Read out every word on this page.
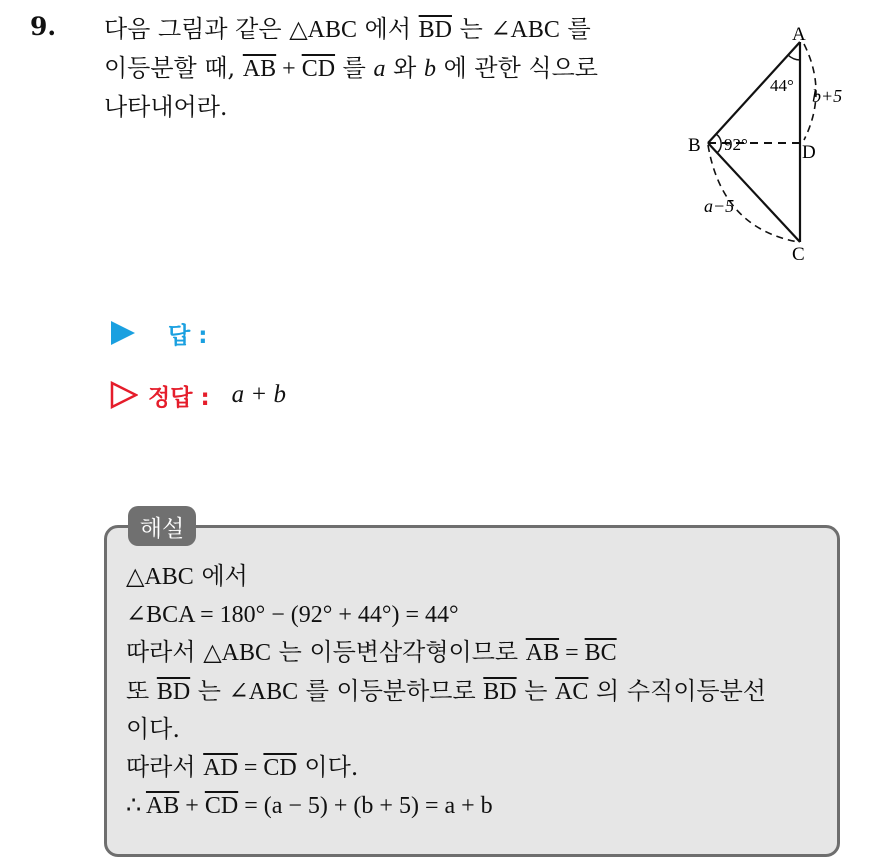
9. 다음 그림과 같은 △ABC 에서 $\overline{BD}$ 는 ∠ABC 를
이등분할 때, $\overline{AB} + \overline{CD}$ 를 a 와 b 에 관한 식으로
나타내어라.
A
B
C
D
44°
92°
b+5
a−5
답 :
정답 : a + b
해설
△ABC 에서
∠BCA = 180° − (92° + 44°) = 44°
따라서 △ABC 는 이등변삼각형이므로 $\overline{AB} = \overline{BC}$
또 $\overline{BD}$ 는 ∠ABC 를 이등분하므로 $\overline{BD}$ 는 $\overline{AC}$ 의 수직이등분선
이다.
따라서 $\overline{AD} = \overline{CD}$ 이다.
∴ $\overline{AB} + \overline{CD} = (a - 5) + (b + 5) = a + b$
